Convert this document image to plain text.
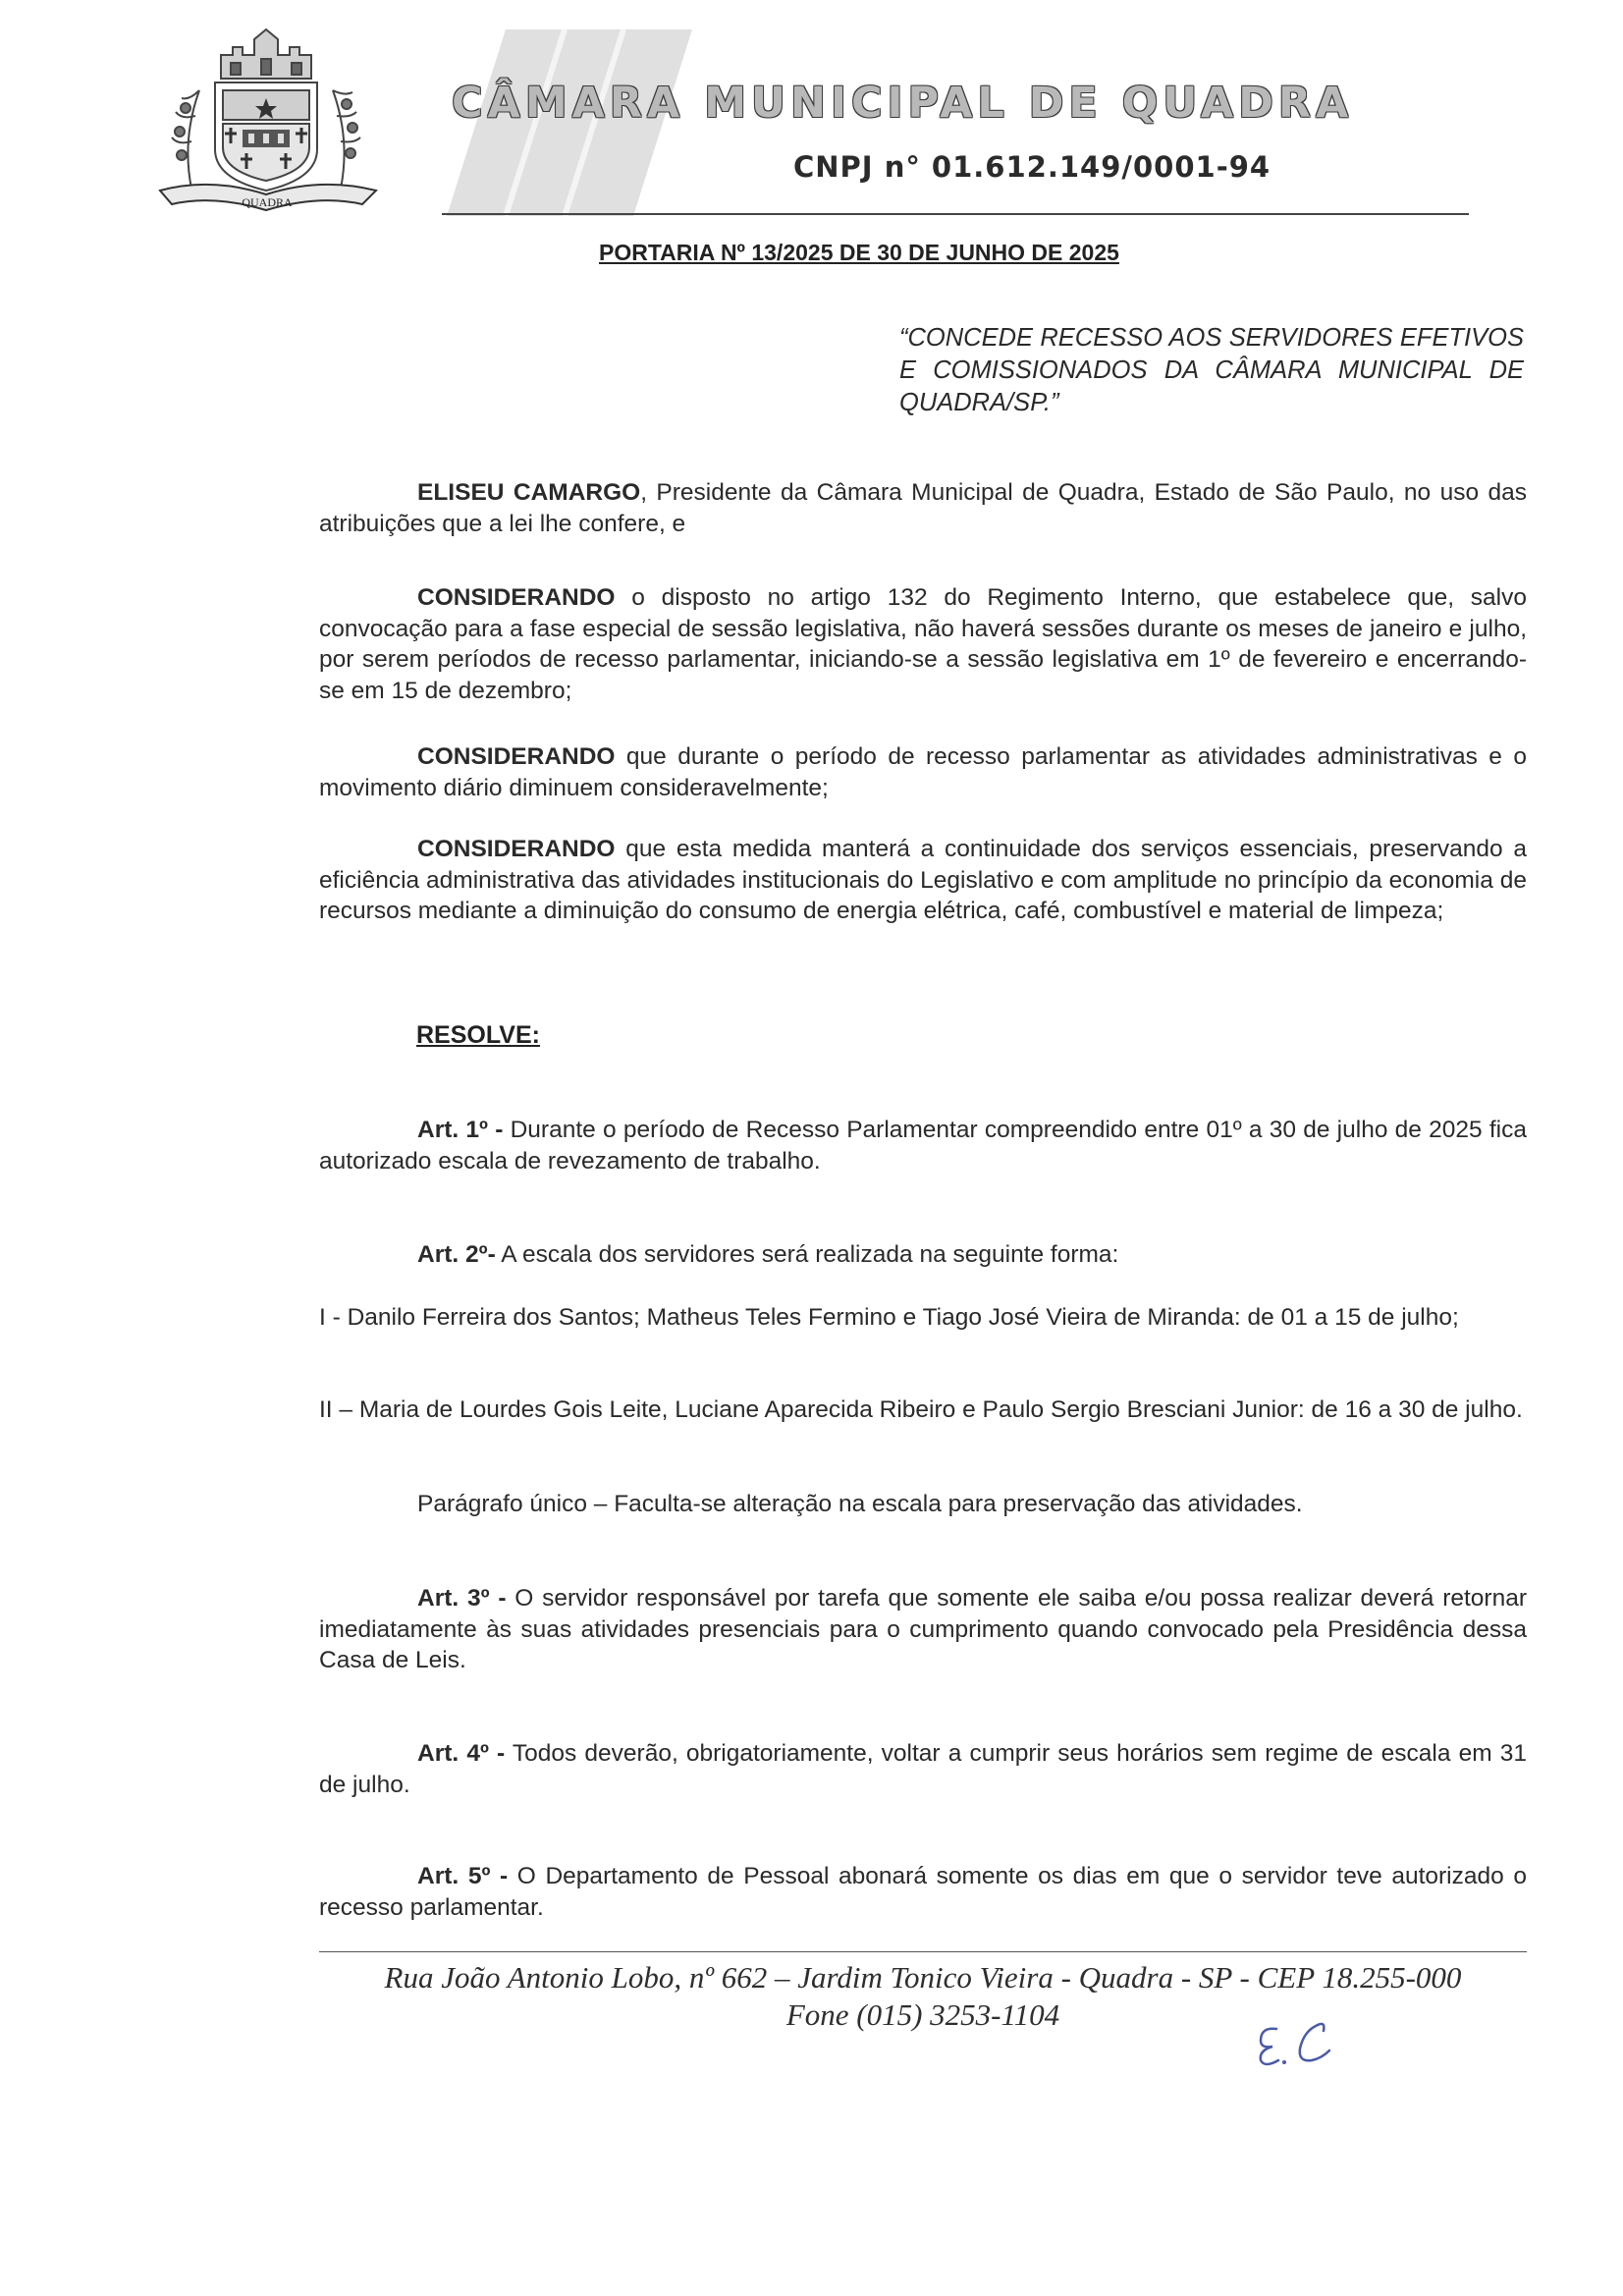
QUADRA
CÂMARA MUNICIPAL DE QUADRA
CNPJ n° 01.612.149/0001-94
PORTARIA Nº 13/2025 DE 30 DE JUNHO DE 2025
“CONCEDE RECESSO AOS SERVIDORES EFETIVOS E COMISSIONADOS DA CÂMARA MUNICIPAL DE QUADRA/SP.”
ELISEU CAMARGO, Presidente da Câmara Municipal de Quadra, Estado de São Paulo, no uso das atribuições que a lei lhe confere, e
CONSIDERANDO o disposto no artigo 132 do Regimento Interno, que estabelece que, salvo convocação para a fase especial de sessão legislativa, não haverá sessões durante os meses de janeiro e julho, por serem períodos de recesso parlamentar, iniciando-se a sessão legislativa em 1º de fevereiro e encerrando-se em 15 de dezembro;
CONSIDERANDO que durante o período de recesso parlamentar as atividades administrativas e o movimento diário diminuem consideravelmente;
CONSIDERANDO que esta medida manterá a continuidade dos serviços essenciais, preservando a eficiência administrativa das atividades institucionais do Legislativo e com amplitude no princípio da economia de recursos mediante a diminuição do consumo de energia elétrica, café, combustível e material de limpeza;
RESOLVE:
Art. 1º - Durante o período de Recesso Parlamentar compreendido entre 01º a 30 de julho de 2025 fica autorizado escala de revezamento de trabalho.
Art. 2º- A escala dos servidores será realizada na seguinte forma:
I - Danilo Ferreira dos Santos; Matheus Teles Fermino e Tiago José Vieira de Miranda: de 01 a 15 de julho;
II – Maria de Lourdes Gois Leite, Luciane Aparecida Ribeiro e Paulo Sergio Bresciani Junior: de 16 a 30 de julho.
Parágrafo único – Faculta-se alteração na escala para preservação das atividades.
Art. 3º - O servidor responsável por tarefa que somente ele saiba e/ou possa realizar deverá retornar imediatamente às suas atividades presenciais para o cumprimento quando convocado pela Presidência dessa Casa de Leis.
Art. 4º - Todos deverão, obrigatoriamente, voltar a cumprir seus horários sem regime de escala em 31 de julho.
Art. 5º - O Departamento de Pessoal abonará somente os dias em que o servidor teve autorizado o recesso parlamentar.
Rua João Antonio Lobo, nº 662 – Jardim Tonico Vieira - Quadra - SP - CEP 18.255-000
Fone (015) 3253-1104
